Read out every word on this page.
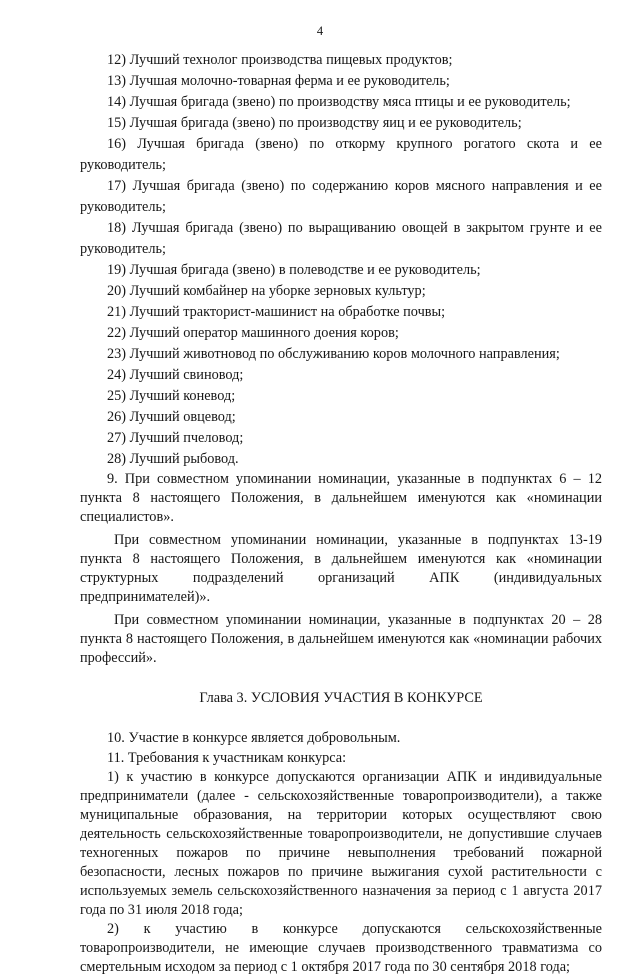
4

12) Лучший технолог производства пищевых продуктов;

13) Лучшая молочно-товарная ферма и ее руководитель;

14) Лучшая бригада (звено) по производству мяса птицы и ее руководитель;

15) Лучшая бригада (звено) по производству яиц и ее руководитель;

16) Лучшая бригада (звено) по откорму крупного рогатого скота и ее руководитель;

17) Лучшая бригада (звено) по содержанию коров мясного направления и ее руководитель;

18) Лучшая бригада (звено) по выращиванию овощей в закрытом грунте и ее руководитель;

19) Лучшая бригада (звено) в полеводстве и ее руководитель;

20) Лучший комбайнер на уборке зерновых культур;

21) Лучший тракторист-машинист на обработке почвы;

22) Лучший оператор машинного доения коров;

23) Лучший животновод по обслуживанию коров молочного направления;

24) Лучший свиновод;

25) Лучший коневод;

26) Лучший овцевод;

27) Лучший пчеловод;

28) Лучший рыбовод.

9. При совместном упоминании номинации, указанные в подпунктах 6 – 12 пункта 8 настоящего Положения, в дальнейшем именуются как «номинации специалистов».

При совместном упоминании номинации, указанные в подпунктах 13-19 пункта 8 настоящего Положения, в дальнейшем именуются как «номинации структурных подразделений организаций АПК (индивидуальных предпринимателей)».

При совместном упоминании номинации, указанные в подпунктах 20 – 28 пункта 8 настоящего Положения, в дальнейшем именуются как «номинации рабочих профессий».

Глава 3. УСЛОВИЯ УЧАСТИЯ В КОНКУРСЕ

10. Участие в конкурсе является добровольным.

11. Требования к участникам конкурса:

1) к участию в конкурсе допускаются организации АПК и индивидуальные предприниматели (далее - сельскохозяйственные товаропроизводители), а также муниципальные образования, на территории которых осуществляют свою деятельность сельскохозяйственные товаропроизводители, не допустившие случаев техногенных пожаров по причине невыполнения требований пожарной безопасности, лесных пожаров по причине выжигания сухой растительности с используемых земель сельскохозяйственного назначения за период с 1 августа 2017 года по 31 июля 2018 года;

2) к участию в конкурсе допускаются сельскохозяйственные товаропроизводители, не имеющие случаев производственного травматизма со смертельным исходом за период с 1 октября 2017 года по 30 сентября 2018 года;
